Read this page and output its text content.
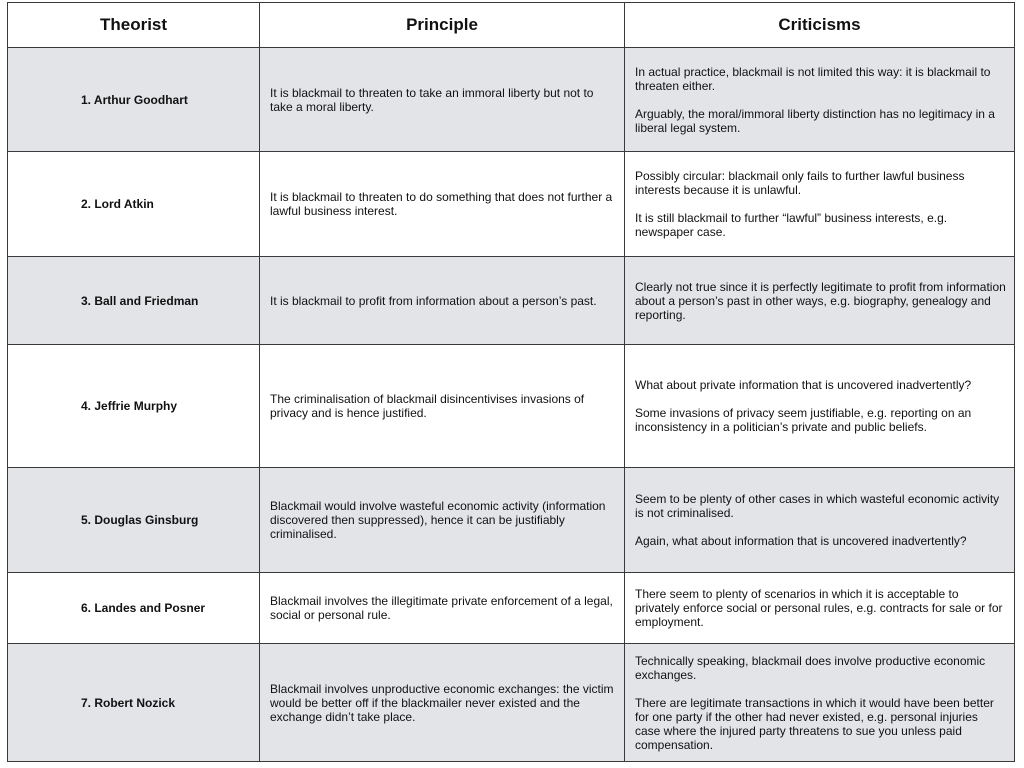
Theorist	Principle	Criticisms
1. Arthur Goodhart	It is blackmail to threaten to take an immoral liberty but not to take a moral liberty.	In actual practice, blackmail is not limited this way: it is blackmail to threaten either.

Arguably, the moral/immoral liberty distinction has no legitimacy in a liberal legal system.

2. Lord Atkin	It is blackmail to threaten to do something that does not further a lawful business interest.	Possibly circular: blackmail only fails to further lawful business interests because it is unlawful.

It is still blackmail to further “lawful” business interests, e.g. newspaper case.

3. Ball and Friedman	It is blackmail to profit from information about a person’s past.	Clearly not true since it is perfectly legitimate to profit from information about a person’s past in other ways, e.g. biography, genealogy and reporting.

4. Jeffrie Murphy	The criminalisation of blackmail disincentivises invasions of privacy and is hence justified.	What about private information that is uncovered inadvertently?

Some invasions of privacy seem justifiable, e.g. reporting on an inconsistency in a politician’s private and public beliefs.

5. Douglas Ginsburg	Blackmail would involve wasteful economic activity (information discovered then suppressed), hence it can be justifiably criminalised.	Seem to be plenty of other cases in which wasteful economic activity is not criminalised.

Again, what about information that is uncovered inadvertently?

6. Landes and Posner	Blackmail involves the illegitimate private enforcement of a legal, social or personal rule.	There seem to plenty of scenarios in which it is acceptable to privately enforce social or personal rules, e.g. contracts for sale or for employment.

7. Robert Nozick	Blackmail involves unproductive economic exchanges: the victim would be better off if the blackmailer never existed and the exchange didn’t take place.	Technically speaking, blackmail does involve productive economic exchanges.

There are legitimate transactions in which it would have been better for one party if the other had never existed, e.g. personal injuries case where the injured party threatens to sue you unless paid compensation.
